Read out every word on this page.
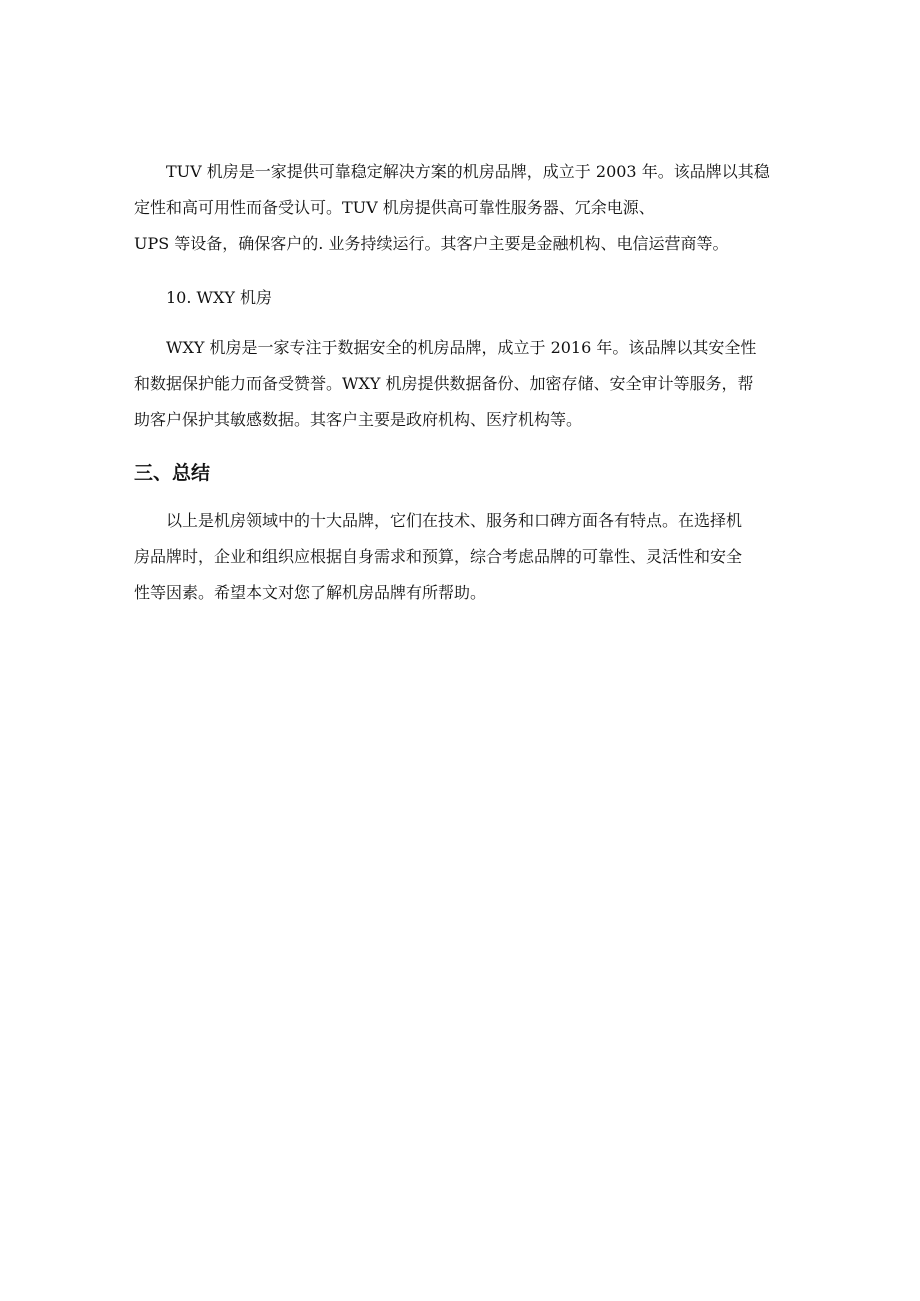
TUV 机房是一家提供可靠稳定解决方案的机房品牌，成立于 2003 年。该品牌以其稳
定性和高可用性而备受认可。TUV 机房提供高可靠性服务器、冗余电源、
UPS 等设备，确保客户的. 业务持续运行。其客户主要是金融机构、电信运营商等。
10. WXY 机房
WXY 机房是一家专注于数据安全的机房品牌，成立于 2016 年。该品牌以其安全性
和数据保护能力而备受赞誉。WXY 机房提供数据备份、加密存储、安全审计等服务，帮
助客户保护其敏感数据。其客户主要是政府机构、医疗机构等。
三、总结
以上是机房领域中的十大品牌，它们在技术、服务和口碑方面各有特点。在选择机
房品牌时，企业和组织应根据自身需求和预算，综合考虑品牌的可靠性、灵活性和安全
性等因素。希望本文对您了解机房品牌有所帮助。
